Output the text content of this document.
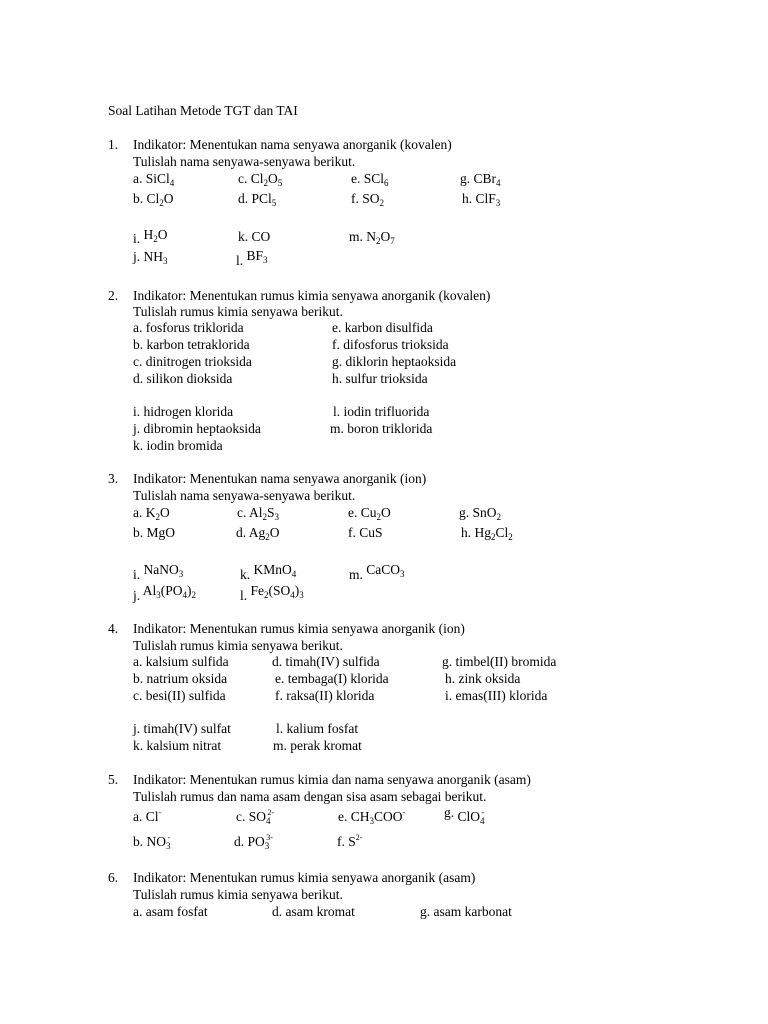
Soal Latihan Metode TGT dan TAI
1. Indikator: Menentukan nama senyawa anorganik (kovalen)
Tulislah nama senyawa-senyawa berikut.
a. SiCl$_4$	c. $Cl_2O_5$	e. SCl$_6$	g. CBr$_4$
b. $Cl_2O$	d. PCl$_5$	f. $SO_2$	h. ClF$_3$
i. $H_2O$	k. CO	m. $N_2O_7$
j. $NH_3$	l. $BF_3$
2. Indikator: Menentukan rumus kimia senyawa anorganik (kovalen)
Tulislah rumus kimia senyawa berikut.
a. fosforus triklorida	e. karbon disulfida
b. karbon tetraklorida	f. difosforus trioksida
c. dinitrogen trioksida	g. diklorin heptaoksida
d. silikon dioksida	h. sulfur trioksida
i. hidrogen klorida	l. iodin trifluorida
j. dibromin heptaoksida	m. boron triklorida
k. iodin bromida
3. Indikator: Menentukan nama senyawa anorganik (ion)
Tulislah nama senyawa-senyawa berikut.
a. $K_2O$	c. $Al_2S_3$	e. $Cu_2O$	g. SnO$_2$
b. MgO	d. $Ag_2O$	f. CuS	h. $Hg_2Cl_2$
i. NaNO$_3$	k. KMnO$_4$	m. CaCO$_3$
j. $Al_3(PO_4)_2$	l. $Fe_2(SO_4)_3$
4. Indikator: Menentukan rumus kimia senyawa anorganik (ion)
Tulislah rumus kimia senyawa berikut.
a. kalsium sulfida	d. timah(IV) sulfida	g. timbel(II) bromida
b. natrium oksida	e. tembaga(I) klorida	h. zink oksida
c. besi(II) sulfida	f. raksa(II) klorida	i. emas(III) klorida
j. timah(IV) sulfat	l. kalium fosfat
k. kalsium nitrat	m. perak kromat
5. Indikator: Menentukan rumus kimia dan nama senyawa anorganik (asam)
Tulislah rumus dan nama asam dengan sisa asam sebagai berikut.
a. Cl-	c. $SO_4^{2-}$	e. $CH_3COO^-$	g. ClO$_4$-
b. $NO_3^-$	d. $PO_3^{3-}$	f. $S^{2-}$
6. Indikator: Menentukan rumus kimia senyawa anorganik (asam)
Tulislah rumus kimia senyawa berikut.
a. asam fosfat	d. asam kromat	g. asam karbonat
